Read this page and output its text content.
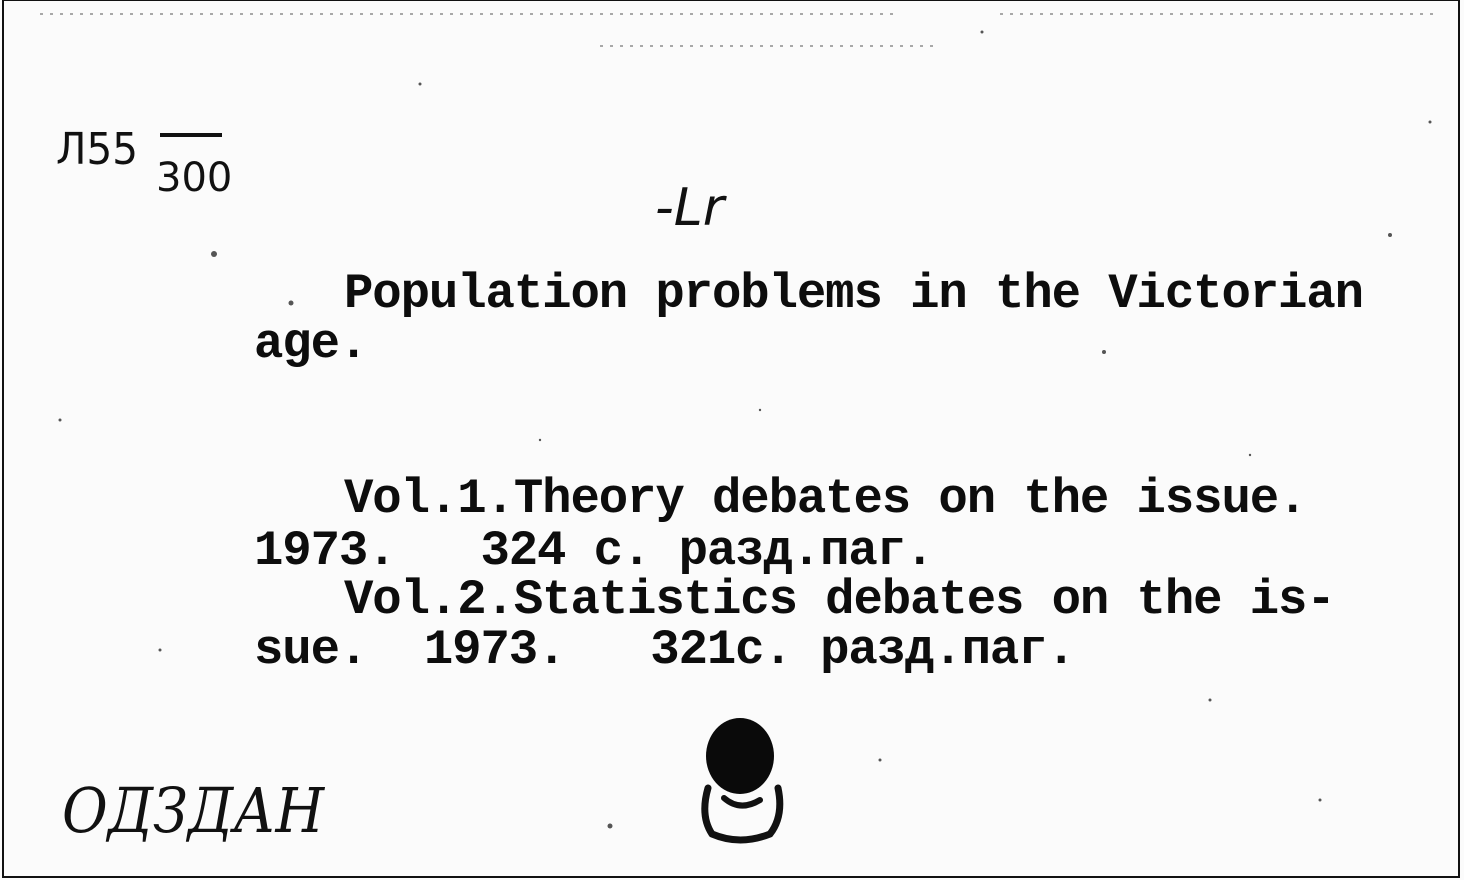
Л55
300	-Lr
Population problems in the Victorian
age.
Vol.1.Theory debates on the issue.
1973.   324 с. разд.паг.
Vol.2.Statistics debates on the is-
sue.  1973.   321с. разд.паг.
ОДЗДАН
